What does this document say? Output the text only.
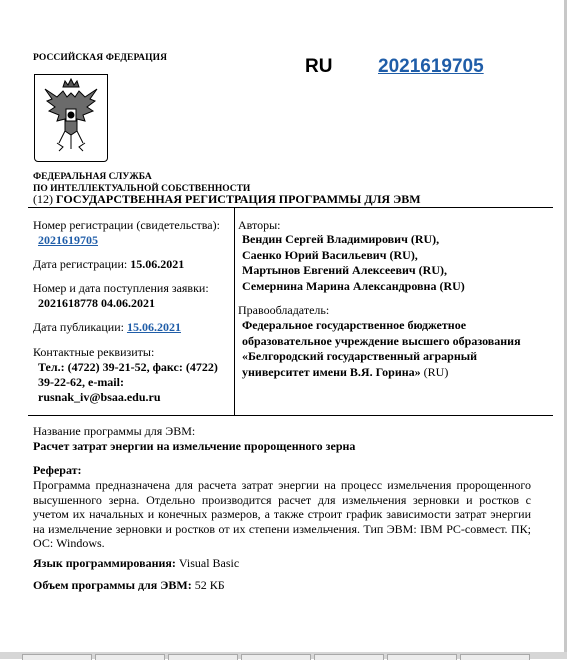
РОССИЙСКАЯ ФЕДЕРАЦИЯ	RU 2021619705
ФЕДЕРАЛЬНАЯ СЛУЖБА
ПО ИНТЕЛЛЕКТУАЛЬНОЙ СОБСТВЕННОСТИ
(12) ГОСУДАРСТВЕННАЯ РЕГИСТРАЦИЯ ПРОГРАММЫ ДЛЯ ЭВМ
Номер регистрации (свидетельства):
2021619705
Дата регистрации: 15.06.2021
Номер и дата поступления заявки:
2021618778 04.06.2021
Дата публикации: 15.06.2021
Контактные реквизиты:
Тел.: (4722) 39-21-52, факс: (4722)
39-22-62, e-mail:
rusnak_iv@bsaa.edu.ru
Авторы:
Вендин Сергей Владимирович (RU),
Саенко Юрий Васильевич (RU),
Мартынов Евгений Алексеевич (RU),
Семернина Марина Александровна (RU)
Правообладатель:
Федеральное государственное бюджетное
образовательное учреждение высшего образования
«Белгородский государственный аграрный
университет имени В.Я. Горина» (RU)
Название программы для ЭВМ:
Расчет затрат энергии на измельчение пророщенного зерна
Реферат:
Программа предназначена для расчета затрат энергии на процесс измельчения пророщенного высушенного зерна. Отдельно производится расчет для измельчения зерновки и ростков с учетом их начальных и конечных размеров, а также строит график зависимости затрат энергии на измельчение зерновки и ростков от их степени измельчения. Тип ЭВМ: IBM PC-совмест. ПК; ОС: Windows.
Язык программирования: Visual Basic
Объем программы для ЭВМ: 52 КБ
